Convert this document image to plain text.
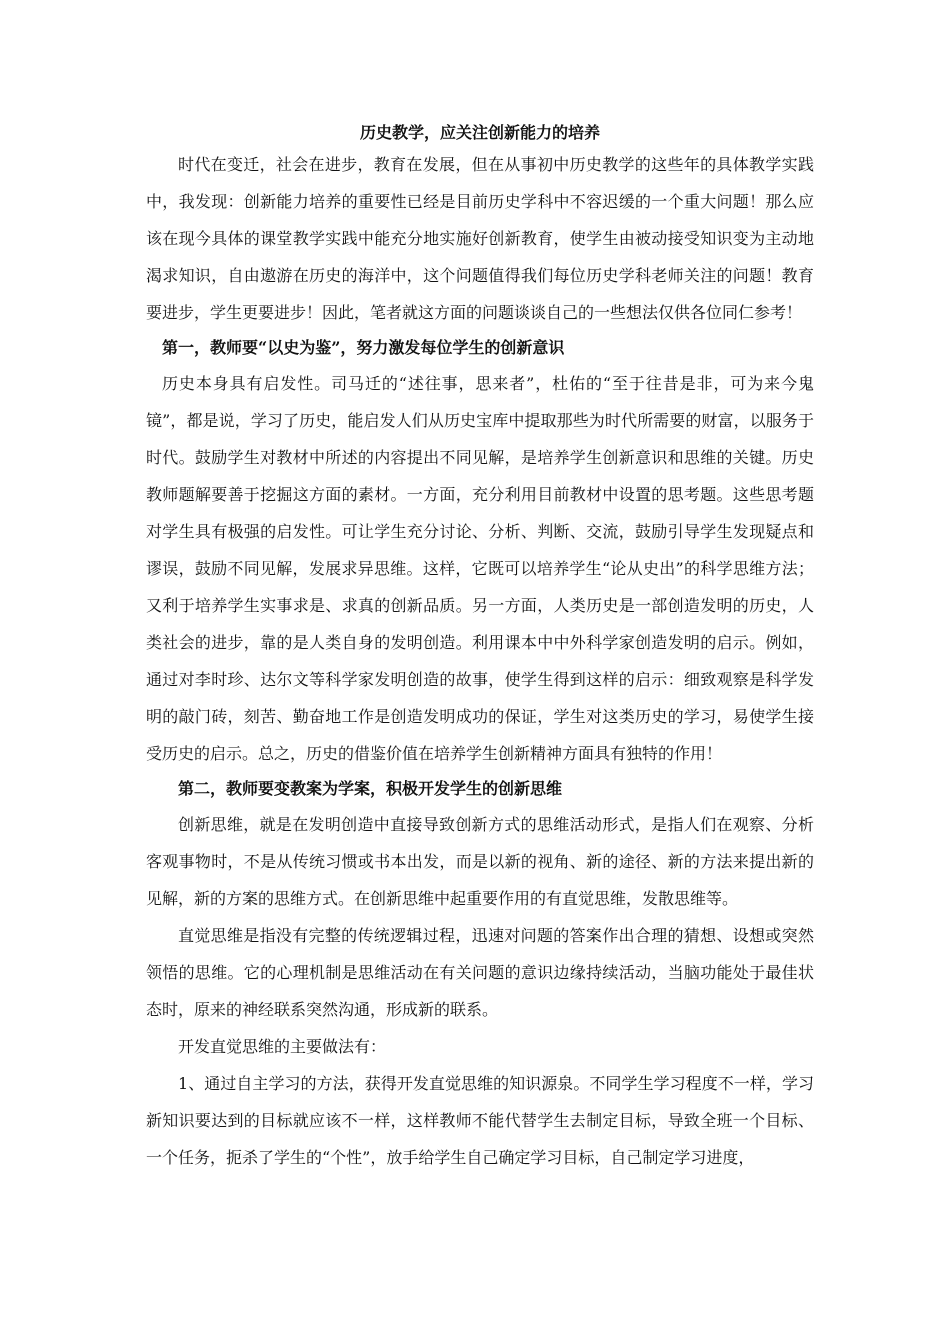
历史教学，应关注创新能力的培养

时代在变迁，社会在进步，教育在发展，但在从事初中历史教学的这些年的具体教学实践中，我发现：创新能力培养的重要性已经是目前历史学科中不容迟缓的一个重大问题！那么应该在现今具体的课堂教学实践中能充分地实施好创新教育，使学生由被动接受知识变为主动地渴求知识，自由遨游在历史的海洋中，这个问题值得我们每位历史学科老师关注的问题！教育要进步，学生更要进步！因此，笔者就这方面的问题谈谈自己的一些想法仅供各位同仁参考！

第一，教师要“以史为鉴”，努力激发每位学生的创新意识

历史本身具有启发性。司马迁的“述往事，思来者”，杜佑的“至于往昔是非，可为来今鬼镜”，都是说，学习了历史，能启发人们从历史宝库中提取那些为时代所需要的财富，以服务于时代。鼓励学生对教材中所述的内容提出不同见解，是培养学生创新意识和思维的关键。历史教师题解要善于挖掘这方面的素材。一方面，充分利用目前教材中设置的思考题。这些思考题对学生具有极强的启发性。可让学生充分讨论、分析、判断、交流，鼓励引导学生发现疑点和谬误，鼓励不同见解，发展求异思维。这样，它既可以培养学生“论从史出”的科学思维方法；又利于培养学生实事求是、求真的创新品质。另一方面，人类历史是一部创造发明的历史，人类社会的进步，靠的是人类自身的发明创造。利用课本中中外科学家创造发明的启示。例如，通过对李时珍、达尔文等科学家发明创造的故事，使学生得到这样的启示：细致观察是科学发明的敲门砖，刻苦、勤奋地工作是创造发明成功的保证，学生对这类历史的学习，易使学生接受历史的启示。总之，历史的借鉴价值在培养学生创新精神方面具有独特的作用！

第二，教师要变教案为学案，积极开发学生的创新思维

创新思维，就是在发明创造中直接导致创新方式的思维活动形式，是指人们在观察、分析客观事物时，不是从传统习惯或书本出发，而是以新的视角、新的途径、新的方法来提出新的见解，新的方案的思维方式。在创新思维中起重要作用的有直觉思维，发散思维等。

直觉思维是指没有完整的传统逻辑过程，迅速对问题的答案作出合理的猜想、设想或突然领悟的思维。它的心理机制是思维活动在有关问题的意识边缘持续活动，当脑功能处于最佳状态时，原来的神经联系突然沟通，形成新的联系。

开发直觉思维的主要做法有：

1、通过自主学习的方法，获得开发直觉思维的知识源泉。不同学生学习程度不一样，学习新知识要达到的目标就应该不一样，这样教师不能代替学生去制定目标，导致全班一个目标、一个任务，扼杀了学生的“个性”，放手给学生自己确定学习目标，自己制定学习进度，
